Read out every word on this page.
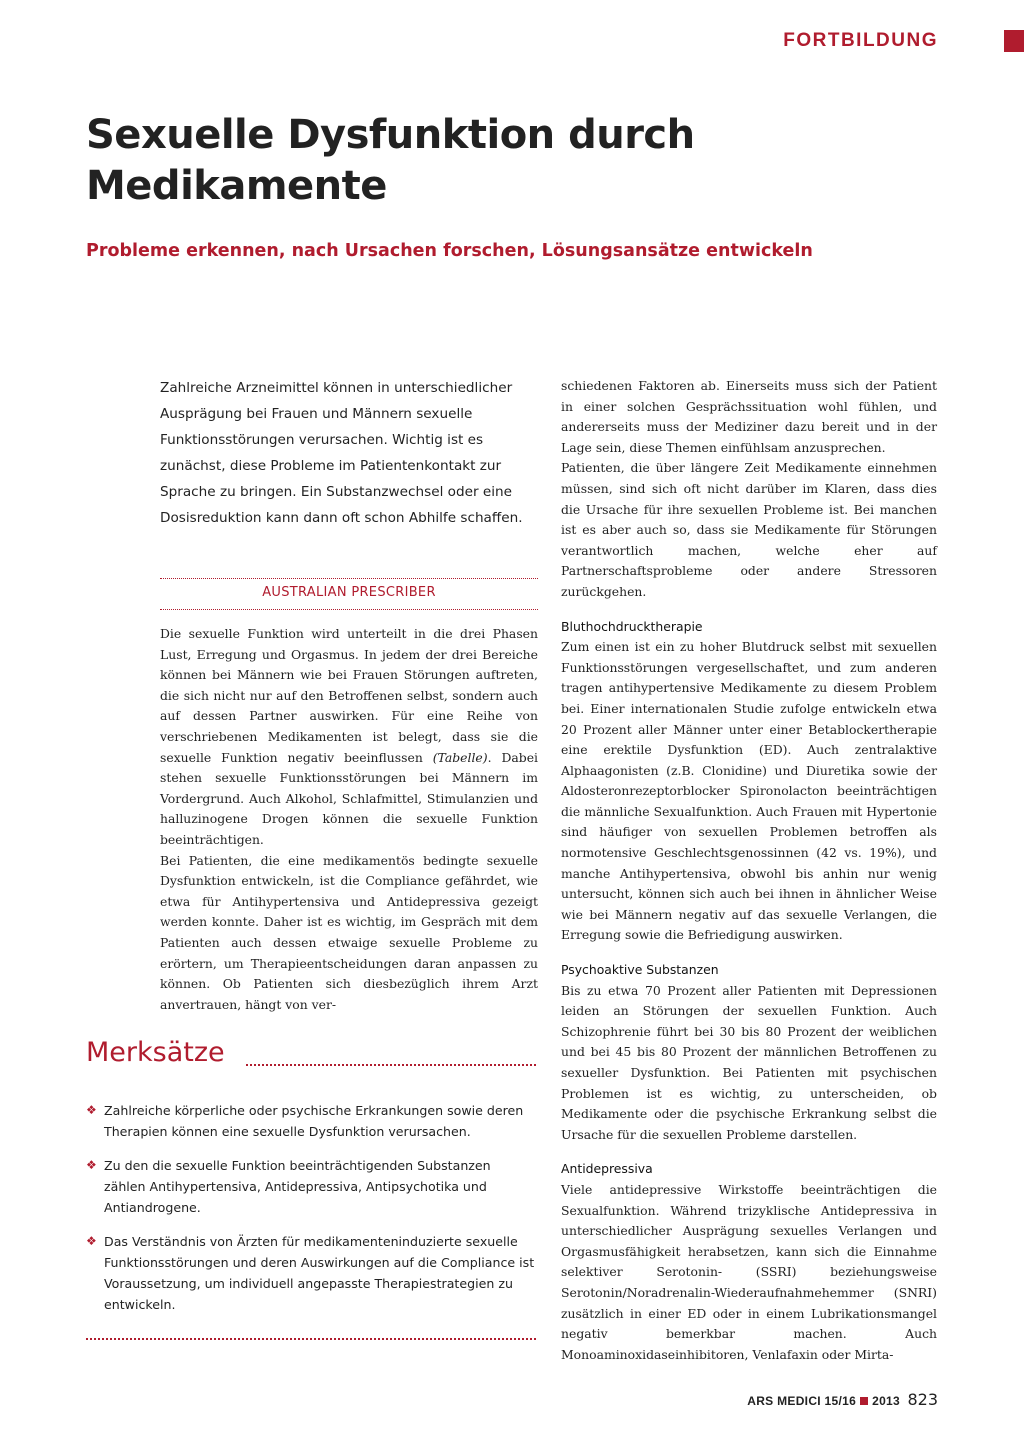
FORTBILDUNG
Sexuelle Dysfunktion durch Medikamente
Probleme erkennen, nach Ursachen forschen, Lösungsansätze entwickeln

Zahlreiche Arzneimittel können in unterschiedlicher Ausprägung bei Frauen und Männern sexuelle Funktionsstörungen verursachen. Wichtig ist es zunächst, diese Probleme im Patientenkontakt zur Sprache zu bringen. Ein Substanzwechsel oder eine Dosisreduktion kann dann oft schon Abhilfe schaffen.

AUSTRALIAN PRESCRIBER

Die sexuelle Funktion wird unterteilt in die drei Phasen Lust, Erregung und Orgasmus. In jedem der drei Bereiche können bei Männern wie bei Frauen Störungen auftreten, die sich nicht nur auf den Betroffenen selbst, sondern auch auf dessen Partner auswirken. Für eine Reihe von verschriebenen Medikamenten ist belegt, dass sie die sexuelle Funktion negativ beeinflussen (Tabelle). Dabei stehen sexuelle Funktionsstörungen bei Männern im Vordergrund. Auch Alkohol, Schlafmittel, Stimulanzien und halluzinogene Drogen können die sexuelle Funktion beeinträchtigen.

Bei Patienten, die eine medikamentös bedingte sexuelle Dysfunktion entwickeln, ist die Compliance gefährdet, wie etwa für Antihypertensiva und Antidepressiva gezeigt werden konnte. Daher ist es wichtig, im Gespräch mit dem Patienten auch dessen etwaige sexuelle Probleme zu erörtern, um Therapieentscheidungen daran anpassen zu können. Ob Patienten sich diesbezüglich ihrem Arzt anvertrauen, hängt von ver-

Merksätze
❖ Zahlreiche körperliche oder psychische Erkrankungen sowie deren Therapien können eine sexuelle Dysfunktion verursachen.
❖ Zu den die sexuelle Funktion beeinträchtigenden Substanzen zählen Antihypertensiva, Antidepressiva, Antipsychotika und Antiandrogene.
❖ Das Verständnis von Ärzten für medikamenteninduzierte sexuelle Funktionsstörungen und deren Auswirkungen auf die Compliance ist Voraussetzung, um individuell angepasste Therapiestrategien zu entwickeln.

schiedenen Faktoren ab. Einerseits muss sich der Patient in einer solchen Gesprächssituation wohl fühlen, und andererseits muss der Mediziner dazu bereit und in der Lage sein, diese Themen einfühlsam anzusprechen.

Patienten, die über längere Zeit Medikamente einnehmen müssen, sind sich oft nicht darüber im Klaren, dass dies die Ursache für ihre sexuellen Probleme ist. Bei manchen ist es aber auch so, dass sie Medikamente für Störungen verantwortlich machen, welche eher auf Partnerschaftsprobleme oder andere Stressoren zurückgehen.

Bluthochdrucktherapie

Zum einen ist ein zu hoher Blutdruck selbst mit sexuellen Funktionsstörungen vergesellschaftet, und zum anderen tragen antihypertensive Medikamente zu diesem Problem bei. Einer internationalen Studie zufolge entwickeln etwa 20 Prozent aller Männer unter einer Betablockertherapie eine erektile Dysfunktion (ED). Auch zentralaktive Alphaagonisten (z.B. Clonidine) und Diuretika sowie der Aldosteronrezeptorblocker Spironolacton beeinträchtigen die männliche Sexualfunktion. Auch Frauen mit Hypertonie sind häufiger von sexuellen Problemen betroffen als normotensive Geschlechtsgenossinnen (42 vs. 19%), und manche Antihypertensiva, obwohl bis anhin nur wenig untersucht, können sich auch bei ihnen in ähnlicher Weise wie bei Männern negativ auf das sexuelle Verlangen, die Erregung sowie die Befriedigung auswirken.

Psychoaktive Substanzen

Bis zu etwa 70 Prozent aller Patienten mit Depressionen leiden an Störungen der sexuellen Funktion. Auch Schizophrenie führt bei 30 bis 80 Prozent der weiblichen und bei 45 bis 80 Prozent der männlichen Betroffenen zu sexueller Dysfunktion. Bei Patienten mit psychischen Problemen ist es wichtig, zu unterscheiden, ob Medikamente oder die psychische Erkrankung selbst die Ursache für die sexuellen Probleme darstellen.

Antidepressiva

Viele antidepressive Wirkstoffe beeinträchtigen die Sexualfunktion. Während trizyklische Antidepressiva in unterschiedlicher Ausprägung sexuelles Verlangen und Orgasmusfähigkeit herabsetzen, kann sich die Einnahme selektiver Serotonin- (SSRI) beziehungsweise Serotonin/Noradrenalin-Wiederaufnahmehemmer (SNRI) zusätzlich in einer ED oder in einem Lubrikationsmangel negativ bemerkbar machen. Auch Monoaminoxidaseinhibitoren, Venlafaxin oder Mirta-

ARS MEDICI 15/16 2013 823
